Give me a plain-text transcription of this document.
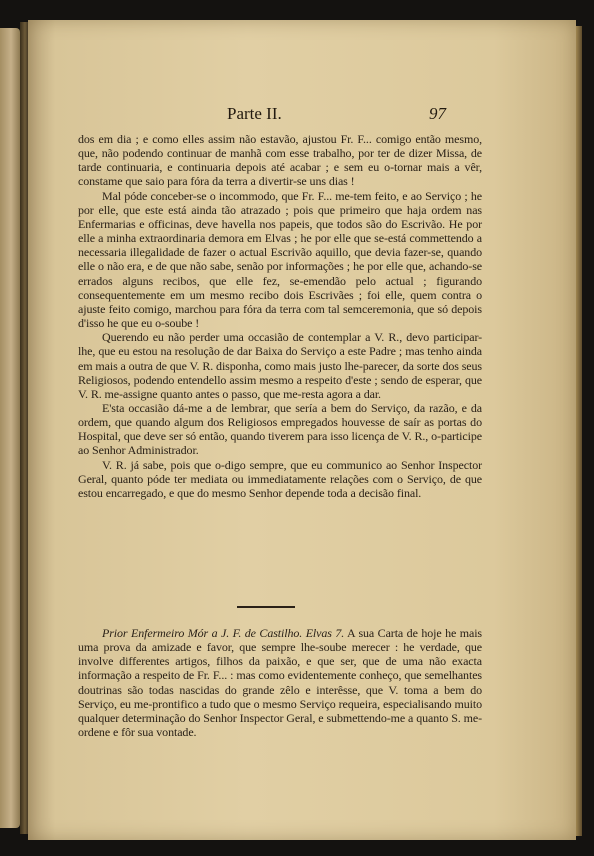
Parte II.	97

dos em dia ; e como elles assim não estavão, ajustou Fr. F... comigo então mesmo, que, não podendo continuar de manhã com esse trabalho, por ter de dizer Missa, de tarde continuaria, e continuaria depois até acabar ; e sem eu o-tornar mais a vêr, constame que saio para fóra da terra a divertir-se uns dias !

Mal póde conceber-se o incommodo, que Fr. F... me-tem feito, e ao Serviço ; he por elle, que este está ainda tão atrazado ; pois que primeiro que haja ordem nas Enfermarias e officinas, deve havella nos papeis, que todos são do Escrivão. He por elle a minha extraordinaria demora em Elvas ; he por elle que se-está commettendo a necessaria illegalidade de fazer o actual Escrivão aquillo, que devia fazer-se, quando elle o não era, e de que não sabe, senão por informações ; he por elle que, achando-se errados alguns recibos, que elle fez, se-emendão pelo actual ; figurando consequentemente em um mesmo recibo dois Escrivães ; foi elle, quem contra o ajuste feito comigo, marchou para fóra da terra com tal semceremonia, que só depois d'isso he que eu o-soube !

Querendo eu não perder uma occasião de contemplar a V. R., devo participar-lhe, que eu estou na resolução de dar Baixa do Serviço a este Padre ; mas tenho ainda em mais a outra de que V. R. disponha, como mais justo lhe-parecer, da sorte dos seus Religiosos, podendo entendello assim mesmo a respeito d'este ; sendo de esperar, que V. R. me-assigne quanto antes o passo, que me-resta agora a dar.

E'sta occasião dá-me a de lembrar, que sería a bem do Serviço, da razão, e da ordem, que quando algum dos Religiosos empregados houvesse de saír as portas do Hospital, que deve ser só então, quando tiverem para isso licença de V. R., o-participe ao Senhor Administrador.

V. R. já sabe, pois que o-digo sempre, que eu communico ao Senhor Inspector Geral, quanto póde ter mediata ou immediatamente relações com o Serviço, de que estou encarregado, e que do mesmo Senhor depende toda a decisão final.

Prior Enfermeiro Mór a J. F. de Castilho. Elvas 7. A sua Carta de hoje he mais uma prova da amizade e favor, que sempre lhe-soube merecer : he verdade, que involve differentes artigos, filhos da paixão, e que ser, que de uma não exacta informação a respeito de Fr. F... : mas como evidentemente conheço, que semelhantes doutrinas são todas nascidas do grande zêlo e interêsse, que V. toma a bem do Serviço, eu me-prontifico a tudo que o mesmo Serviço requeira, especialisando muito qualquer determinação do Senhor Inspector Geral, e submettendo-me a quanto S. me-ordene e fôr sua vontade.
